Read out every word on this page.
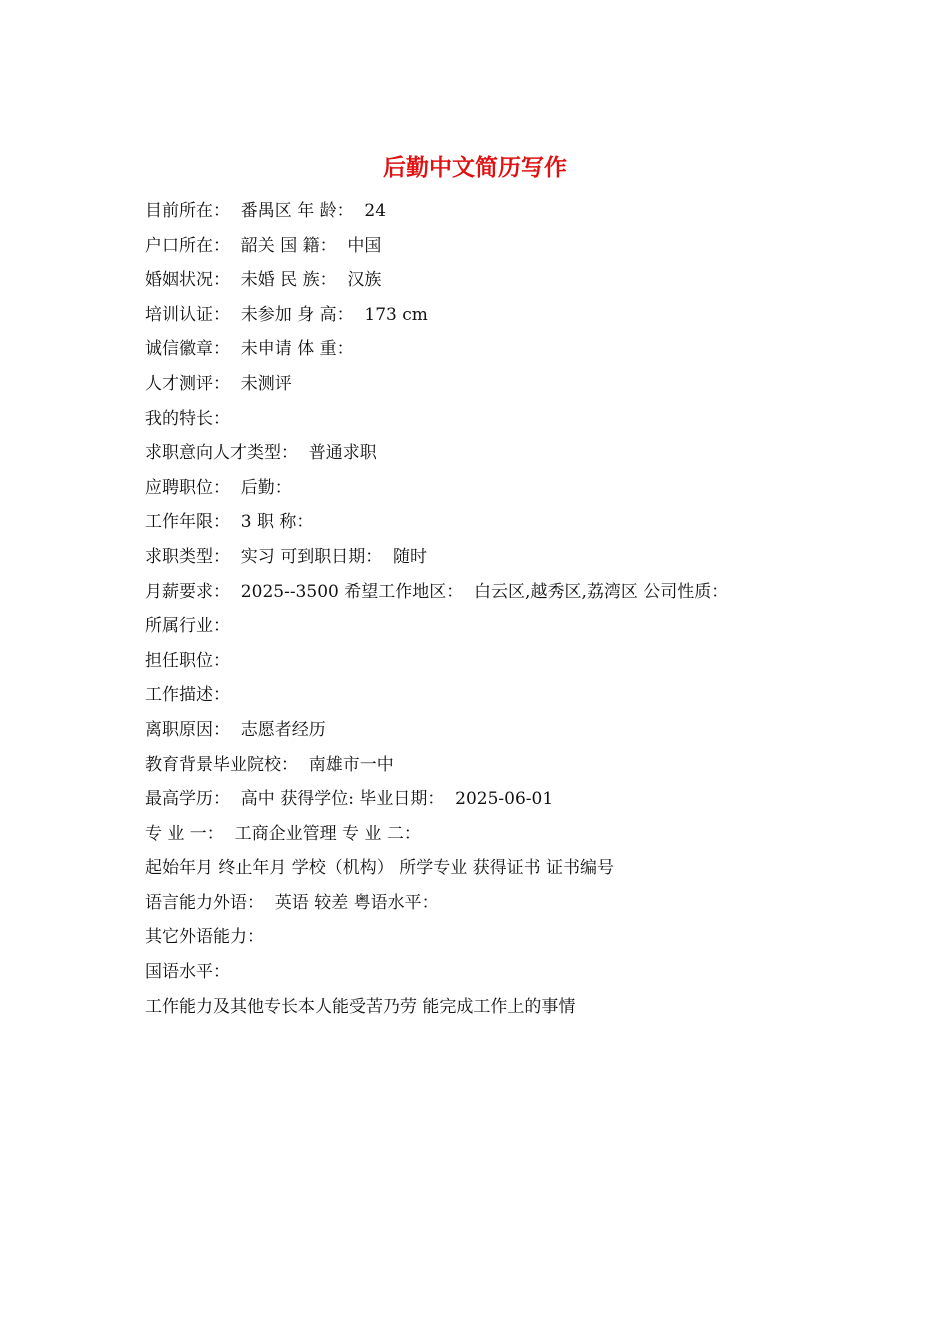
后勤中文简历写作
目前所在：  番禺区 年 龄：  24
户口所在：  韶关 国 籍：  中国
婚姻状况：  未婚 民 族：  汉族
培训认证：  未参加 身 高：  173 cm
诚信徽章：  未申请 体 重：
人才测评：  未测评
我的特长：
求职意向人才类型：  普通求职
应聘职位：  后勤：
工作年限：  3 职 称：
求职类型：  实习 可到职日期：  随时
月薪要求：  2025--3500 希望工作地区：  白云区,越秀区,荔湾区 公司性质：
所属行业：
担任职位：
工作描述：
离职原因：  志愿者经历
教育背景毕业院校：  南雄市一中
最高学历：  高中 获得学位: 毕业日期：  2025-06-01
专 业 一：  工商企业管理 专 业 二：
起始年月 终止年月 学校（机构） 所学专业 获得证书 证书编号
语言能力外语：  英语 较差 粤语水平：
其它外语能力：
国语水平：
工作能力及其他专长本人能受苦乃劳 能完成工作上的事情
